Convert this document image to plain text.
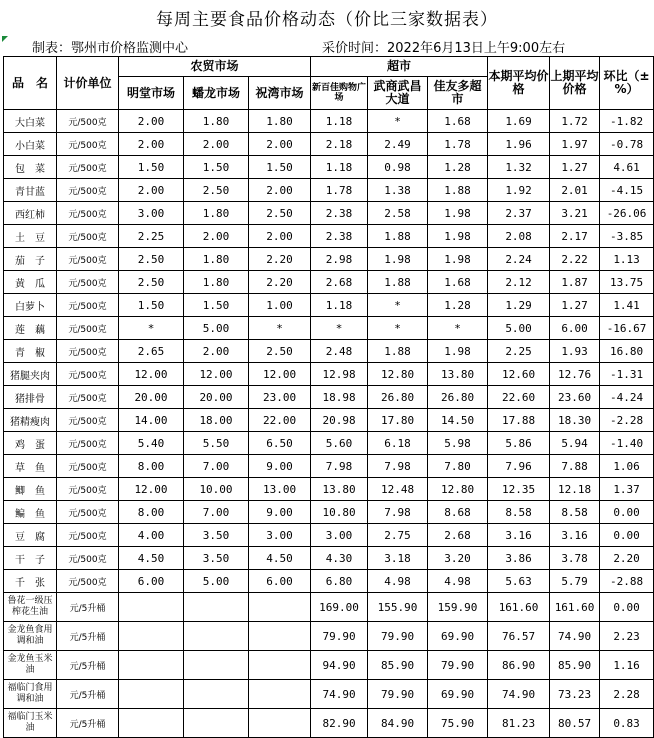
每周主要食品价格动态（价比三家数据表）
制表：鄂州市价格监测中心	采价时间：2022年6月13日上午9:00左右
品　名	计价单位	农贸市场			超市			本期平均价格	上期平均价格	环比（±%）
		明堂市场	蟠龙市场	祝湾市场	新百佳购物广场	武商武昌大道	佳友多超市			
大白菜	元/500克	2.00	1.80	1.80	1.18	*	1.68	1.69	1.72	-1.82
小白菜	元/500克	2.00	2.00	2.00	2.18	2.49	1.78	1.96	1.97	-0.78
包　菜	元/500克	1.50	1.50	1.50	1.18	0.98	1.28	1.32	1.27	4.61
青甘蓝	元/500克	2.00	2.50	2.00	1.78	1.38	1.88	1.92	2.01	-4.15
西红柿	元/500克	3.00	1.80	2.50	2.38	2.58	1.98	2.37	3.21	-26.06
土　豆	元/500克	2.25	2.00	2.00	2.38	1.88	1.98	2.08	2.17	-3.85
茄　子	元/500克	2.50	1.80	2.20	2.98	1.98	1.98	2.24	2.22	1.13
黄　瓜	元/500克	2.50	1.80	2.20	2.68	1.88	1.68	2.12	1.87	13.75
白萝卜	元/500克	1.50	1.50	1.00	1.18	*	1.28	1.29	1.27	1.41
莲　藕	元/500克	*	5.00	*	*	*	*	5.00	6.00	-16.67
青　椒	元/500克	2.65	2.00	2.50	2.48	1.88	1.98	2.25	1.93	16.80
猪腿夹肉	元/500克	12.00	12.00	12.00	12.98	12.80	13.80	12.60	12.76	-1.31
猪排骨	元/500克	20.00	20.00	23.00	18.98	26.80	26.80	22.60	23.60	-4.24
猪精瘦肉	元/500克	14.00	18.00	22.00	20.98	17.80	14.50	17.88	18.30	-2.28
鸡　蛋	元/500克	5.40	5.50	6.50	5.60	6.18	5.98	5.86	5.94	-1.40
草　鱼	元/500克	8.00	7.00	9.00	7.98	7.98	7.80	7.96	7.88	1.06
鲫　鱼	元/500克	12.00	10.00	13.00	13.80	12.48	12.80	12.35	12.18	1.37
鳊　鱼	元/500克	8.00	7.00	9.00	10.80	7.98	8.68	8.58	8.58	0.00
豆　腐	元/500克	4.00	3.50	3.00	3.00	2.75	2.68	3.16	3.16	0.00
干　子	元/500克	4.50	3.50	4.50	4.30	3.18	3.20	3.86	3.78	2.20
千　张	元/500克	6.00	5.00	6.00	6.80	4.98	4.98	5.63	5.79	-2.88
鲁花一级压榨花生油	元/5升桶				169.00	155.90	159.90	161.60	161.60	0.00
金龙鱼食用调和油	元/5升桶				79.90	79.90	69.90	76.57	74.90	2.23
金龙鱼玉米油	元/5升桶				94.90	85.90	79.90	86.90	85.90	1.16
福临门食用调和油	元/5升桶				74.90	79.90	69.90	74.90	73.23	2.28
福临门玉米油	元/5升桶				82.90	84.90	75.90	81.23	80.57	0.83
